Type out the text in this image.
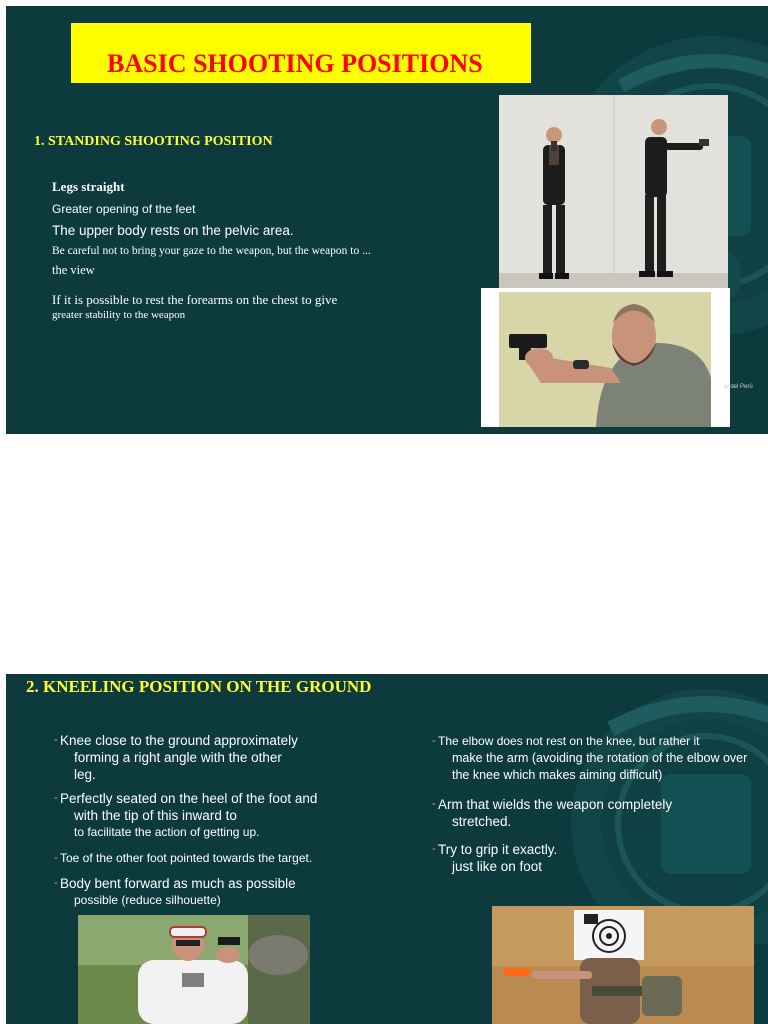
BASIC SHOOTING POSITIONS
1. STANDING SHOOTING POSITION
Legs straight
Greater opening of the feet
The upper body rests on the pelvic area.
Be careful not to bring your gaze to the weapon, but the weapon to ...
the view
If it is possible to rest the forearms on the chest to give
greater stability to the weapon
al del Perú
2. KNEELING POSITION ON THE GROUND
- Knee close to the ground approximately
forming a right angle with the other
leg.
- Perfectly seated on the heel of the foot and
with the tip of this inward to
to facilitate the action of getting up.
- Toe of the other foot pointed towards the target.
- Body bent forward as much as possible
possible (reduce silhouette)
- The elbow does not rest on the knee, but rather it
make the arm (avoiding the rotation of the elbow over
the knee which makes aiming difficult)
- Arm that wields the weapon completely
stretched.
- Try to grip it exactly.
just like on foot
